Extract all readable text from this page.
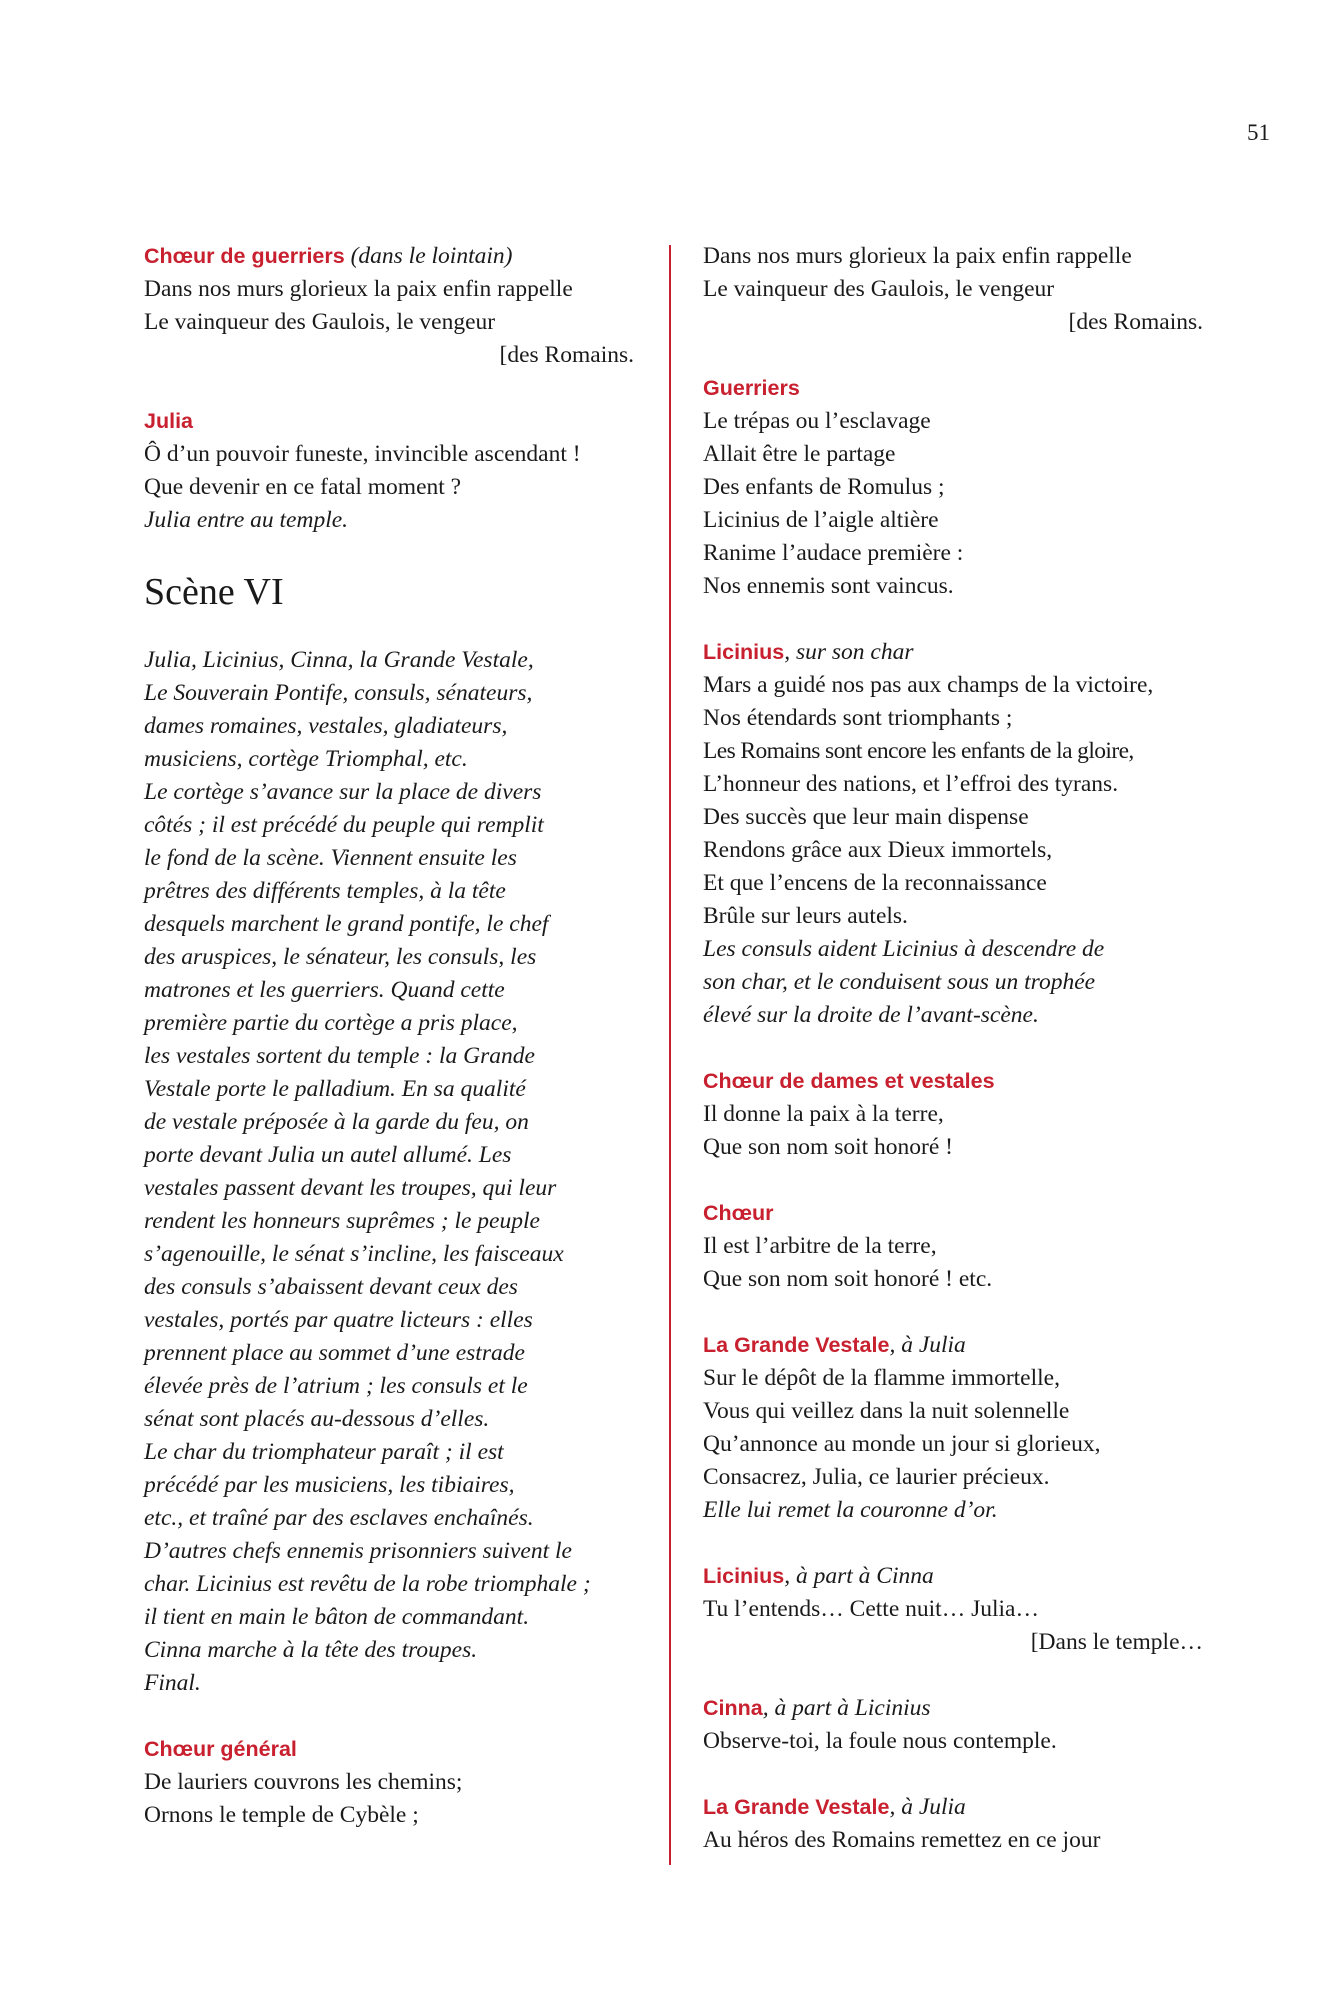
51
Chœur de guerriers (dans le lointain)
Dans nos murs glorieux la paix enfin rappelle
Le vainqueur des Gaulois, le vengeur
[des Romains.
Julia
Ô d’un pouvoir funeste, invincible ascendant !
Que devenir en ce fatal moment ?
Julia entre au temple.
Scène VI
Julia, Licinius, Cinna, la Grande Vestale,
Le Souverain Pontife, consuls, sénateurs,
dames romaines, vestales, gladiateurs,
musiciens, cortège Triomphal, etc.
Le cortège s’avance sur la place de divers
côtés ; il est précédé du peuple qui remplit
le fond de la scène. Viennent ensuite les
prêtres des différents temples, à la tête
desquels marchent le grand pontife, le chef
des aruspices, le sénateur, les consuls, les
matrones et les guerriers. Quand cette
première partie du cortège a pris place,
les vestales sortent du temple : la Grande
Vestale porte le palladium. En sa qualité
de vestale préposée à la garde du feu, on
porte devant Julia un autel allumé. Les
vestales passent devant les troupes, qui leur
rendent les honneurs suprêmes ; le peuple
s’agenouille, le sénat s’incline, les faisceaux
des consuls s’abaissent devant ceux des
vestales, portés par quatre licteurs : elles
prennent place au sommet d’une estrade
élevée près de l’atrium ; les consuls et le
sénat sont placés au-dessous d’elles.
Le char du triomphateur paraît ; il est
précédé par les musiciens, les tibiaires,
etc., et traîné par des esclaves enchaînés.
D’autres chefs ennemis prisonniers suivent le
char. Licinius est revêtu de la robe triomphale ;
il tient en main le bâton de commandant.
Cinna marche à la tête des troupes.
Final.
Chœur général
De lauriers couvrons les chemins;
Ornons le temple de Cybèle ;
Dans nos murs glorieux la paix enfin rappelle
Le vainqueur des Gaulois, le vengeur
[des Romains.
Guerriers
Le trépas ou l’esclavage
Allait être le partage
Des enfants de Romulus ;
Licinius de l’aigle altière
Ranime l’audace première :
Nos ennemis sont vaincus.
Licinius, sur son char
Mars a guidé nos pas aux champs de la victoire,
Nos étendards sont triomphants ;
Les Romains sont encore les enfants de la gloire,
L’honneur des nations, et l’effroi des tyrans.
Des succès que leur main dispense
Rendons grâce aux Dieux immortels,
Et que l’encens de la reconnaissance
Brûle sur leurs autels.
Les consuls aident Licinius à descendre de
son char, et le conduisent sous un trophée
élevé sur la droite de l’avant-scène.
Chœur de dames et vestales
Il donne la paix à la terre,
Que son nom soit honoré !
Chœur
Il est l’arbitre de la terre,
Que son nom soit honoré ! etc.
La Grande Vestale, à Julia
Sur le dépôt de la flamme immortelle,
Vous qui veillez dans la nuit solennelle
Qu’annonce au monde un jour si glorieux,
Consacrez, Julia, ce laurier précieux.
Elle lui remet la couronne d’or.
Licinius, à part à Cinna
Tu l’entends… Cette nuit… Julia…
[Dans le temple…
Cinna, à part à Licinius
Observe-toi, la foule nous contemple.
La Grande Vestale, à Julia
Au héros des Romains remettez en ce jour
